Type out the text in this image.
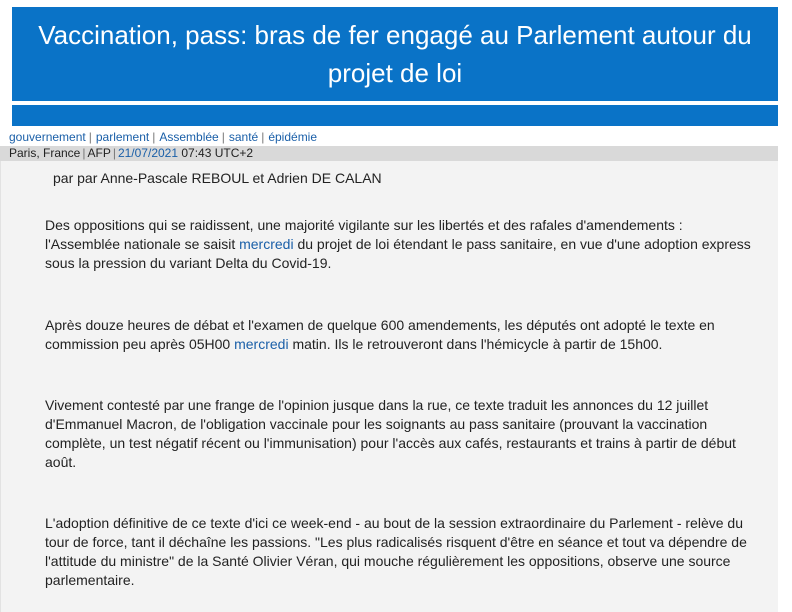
Vaccination, pass: bras de fer engagé au Parlement autour du projet de loi
gouvernement | parlement | Assemblée | santé | épidémie
Paris, France | AFP | 21/07/2021 07:43 UTC+2
par par Anne-Pascale REBOUL et Adrien DE CALAN

Des oppositions qui se raidissent, une majorité vigilante sur les libertés et des rafales d'amendements : l'Assemblée nationale se saisit mercredi du projet de loi étendant le pass sanitaire, en vue d'une adoption express sous la pression du variant Delta du Covid-19.

Après douze heures de débat et l'examen de quelque 600 amendements, les députés ont adopté le texte en commission peu après 05H00 mercredi matin. Ils le retrouveront dans l'hémicycle à partir de 15h00.

Vivement contesté par une frange de l'opinion jusque dans la rue, ce texte traduit les annonces du 12 juillet d'Emmanuel Macron, de l'obligation vaccinale pour les soignants au pass sanitaire (prouvant la vaccination complète, un test négatif récent ou l'immunisation) pour l'accès aux cafés, restaurants et trains à partir de début août.

L'adoption définitive de ce texte d'ici ce week-end - au bout de la session extraordinaire du Parlement - relève du tour de force, tant il déchaîne les passions. "Les plus radicalisés risquent d'être en séance et tout va dépendre de l'attitude du ministre" de la Santé Olivier Véran, qui mouche régulièrement les oppositions, observe une source parlementaire.
